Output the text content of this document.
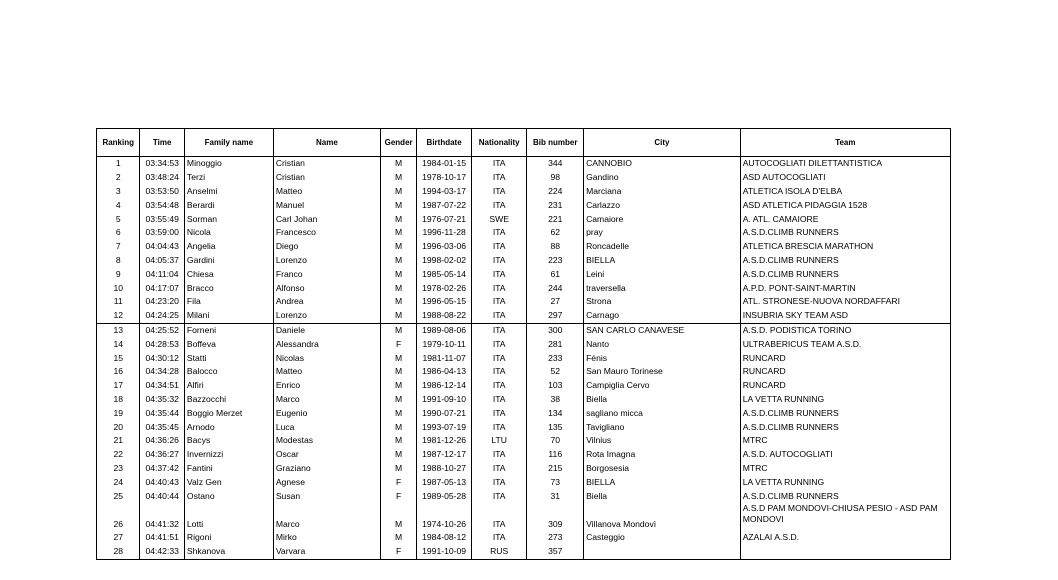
Ranking	Time	Family name	Name	Gender	Birthdate	Nationality	Bib number	City	Team
1	03:34:53	Minoggio	Cristian	M	1984-01-15	ITA	344	CANNOBIO	AUTOCOGLIATI DILETTANTISTICA
2	03:48:24	Terzi	Cristian	M	1978-10-17	ITA	98	Gandino	ASD AUTOCOGLIATI
3	03:53:50	Anselmi	Matteo	M	1994-03-17	ITA	224	Marciana	ATLETICA ISOLA D'ELBA
4	03:54:48	Berardi	Manuel	M	1987-07-22	ITA	231	Carlazzo	ASD ATLETICA PIDAGGIA 1528
5	03:55:49	Sorman	Carl Johan	M	1976-07-21	SWE	221	Camaiore	A. ATL. CAMAIORE
6	03:59:00	Nicola	Francesco	M	1996-11-28	ITA	62	pray	A.S.D.CLIMB RUNNERS
7	04:04:43	Angelia	Diego	M	1996-03-06	ITA	88	Roncadelle	ATLETICA BRESCIA MARATHON
8	04:05:37	Gardini	Lorenzo	M	1998-02-02	ITA	223	BIELLA	A.S.D.CLIMB RUNNERS
9	04:11:04	Chiesa	Franco	M	1985-05-14	ITA	61	Leini	A.S.D.CLIMB RUNNERS
10	04:17:07	Bracco	Alfonso	M	1978-02-26	ITA	244	traversella	A.P.D. PONT-SAINT-MARTIN
11	04:23:20	Fila	Andrea	M	1996-05-15	ITA	27	Strona	ATL. STRONESE-NUOVA NORDAFFARI
12	04:24:25	Milani	Lorenzo	M	1988-08-22	ITA	297	Carnago	INSUBRIA SKY TEAM ASD
13	04:25:52	Forneni	Daniele	M	1989-08-06	ITA	300	SAN CARLO CANAVESE	A.S.D. PODISTICA TORINO
14	04:28:53	Boffeva	Alessandra	F	1979-10-11	ITA	281	Nanto	ULTRABERICUS TEAM A.S.D.
15	04:30:12	Statti	Nicolas	M	1981-11-07	ITA	233	Fénis	RUNCARD
16	04:34:28	Balocco	Matteo	M	1986-04-13	ITA	52	San Mauro Torinese	RUNCARD
17	04:34:51	Alfiri	Enrico	M	1986-12-14	ITA	103	Campiglia Cervo	RUNCARD
18	04:35:32	Bazzocchi	Marco	M	1991-09-10	ITA	38	Biella	LA VETTA RUNNING
19	04:35:44	Boggio Merzet	Eugenio	M	1990-07-21	ITA	134	sagliano micca	A.S.D.CLIMB RUNNERS
20	04:35:45	Arnodo	Luca	M	1993-07-19	ITA	135	Tavigliano	A.S.D.CLIMB RUNNERS
21	04:36:26	Bacys	Modestas	M	1981-12-26	LTU	70	Vilnius	MTRC
22	04:36:27	Invernizzi	Oscar	M	1987-12-17	ITA	116	Rota Imagna	A.S.D. AUTOCOGLIATI
23	04:37:42	Fantini	Graziano	M	1988-10-27	ITA	215	Borgosesia	MTRC
24	04:40:43	Valz Gen	Agnese	F	1987-05-13	ITA	73	BIELLA	LA VETTA RUNNING
25	04:40:44	Ostano	Susan	F	1989-05-28	ITA	31	Biella	A.S.D.CLIMB RUNNERS
26	04:41:32	Lotti	Marco	M	1974-10-26	ITA	309	Villanova Mondovì	A.S.D PAM MONDOVI-CHIUSA PESIO - ASD PAM MONDOVI
27	04:41:51	Rigoni	Mirko	M	1984-08-12	ITA	273	Casteggio	AZALAI A.S.D.
28	04:42:33	Shkanova	Varvara	F	1991-10-09	RUS	357		
